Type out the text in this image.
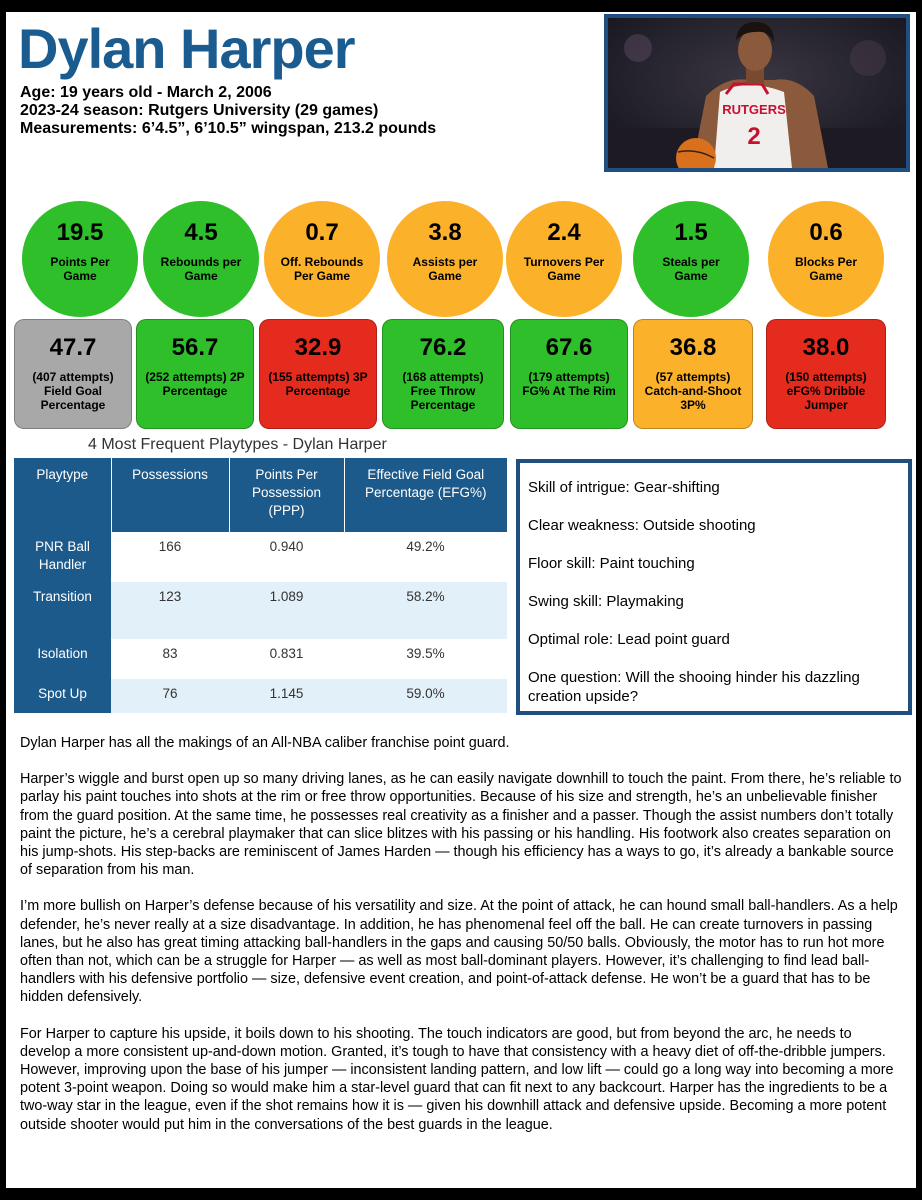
Dylan Harper
Age: 19 years old - March 2, 2006
2023-24 season: Rutgers University (29 games)
Measurements: 6’4.5”, 6’10.5” wingspan, 213.2 pounds
RUTGERS
2
19.5
Points Per Game
4.5
Rebounds per Game
0.7
Off. Rebounds Per Game
3.8
Assists per Game
2.4
Turnovers Per Game
1.5
Steals per Game
0.6
Blocks Per Game
47.7
(407 attempts) Field Goal Percentage
56.7
(252 attempts) 2P Percentage
32.9
(155 attempts) 3P Percentage
76.2
(168 attempts) Free Throw Percentage
67.6
(179 attempts) FG% At The Rim
36.8
(57 attempts) Catch-and-Shoot 3P%
38.0
(150 attempts) eFG% Dribble Jumper
4 Most Frequent Playtypes - Dylan Harper
Playtype	Possessions	Points Per Possession (PPP)	Effective Field Goal Percentage (EFG%)
PNR Ball Handler	166	0.940	49.2%
Transition	123	1.089	58.2%
Isolation	83	0.831	39.5%
Spot Up	76	1.145	59.0%
Skill of intrigue: Gear-shifting
Clear weakness: Outside shooting
Floor skill: Paint touching
Swing skill: Playmaking
Optimal role: Lead point guard
One question: Will the shooing hinder his dazzling creation upside?

Dylan Harper has all the makings of an All-NBA caliber franchise point guard.

Harper’s wiggle and burst open up so many driving lanes, as he can easily navigate downhill to touch the paint. From there, he’s reliable to parlay his paint touches into shots at the rim or free throw opportunities. Because of his size and strength, he’s an unbelievable finisher from the guard position. At the same time, he possesses real creativity as a finisher and a passer. Though the assist numbers don’t totally paint the picture, he’s a cerebral playmaker that can slice blitzes with his passing or his handling. His footwork also creates separation on his jump-shots. His step-backs are reminiscent of James Harden — though his efficiency has a ways to go, it’s already a bankable source of separation from his man.

I’m more bullish on Harper’s defense because of his versatility and size. At the point of attack, he can hound small ball-handlers. As a help defender, he’s never really at a size disadvantage. In addition, he has phenomenal feel off the ball. He can create turnovers in passing lanes, but he also has great timing attacking ball-handlers in the gaps and causing 50/50 balls. Obviously, the motor has to run hot more often than not, which can be a struggle for Harper — as well as most ball-dominant players. However, it’s challenging to find lead ball-handlers with his defensive portfolio — size, defensive event creation, and point-of-attack defense. He won’t be a guard that has to be hidden defensively.

For Harper to capture his upside, it boils down to his shooting. The touch indicators are good, but from beyond the arc, he needs to develop a more consistent up-and-down motion. Granted, it’s tough to have that consistency with a heavy diet of off-the-dribble jumpers. However, improving upon the base of his jumper — inconsistent landing pattern, and low lift — could go a long way into becoming a more potent 3-point weapon. Doing so would make him a star-level guard that can fit next to any backcourt. Harper has the ingredients to be a two-way star in the league, even if the shot remains how it is — given his downhill attack and defensive upside. Becoming a more potent outside shooter would put him in the conversations of the best guards in the league.
